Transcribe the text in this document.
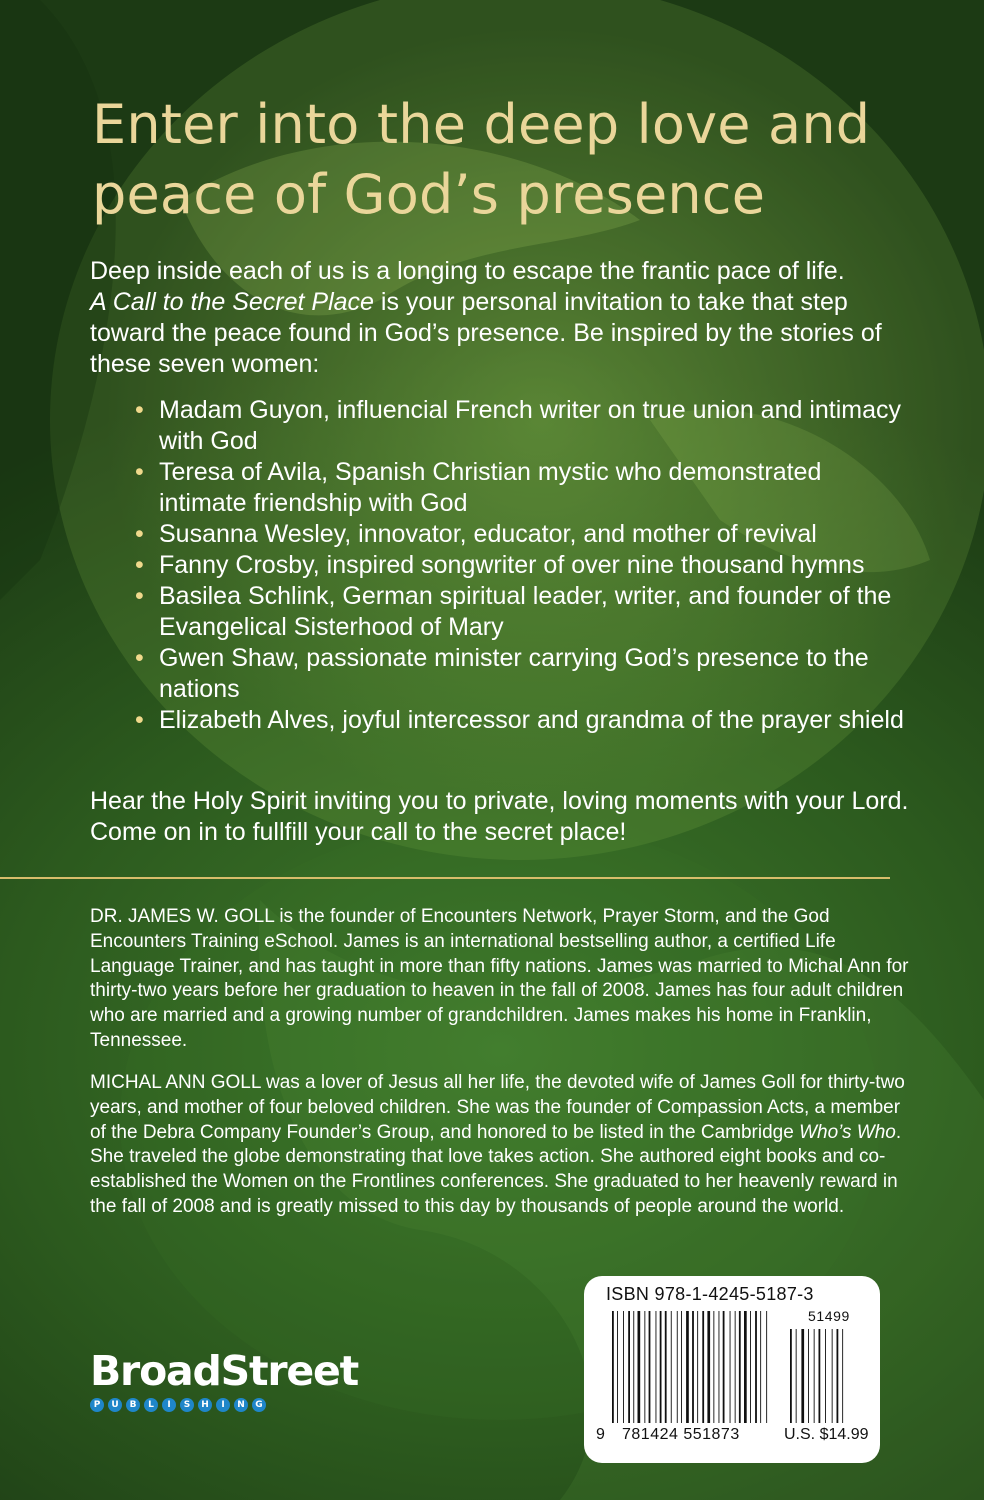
Enter into the deep love and
peace of God’s presence

Deep inside each of us is a longing to escape the frantic pace of life.
A Call to the Secret Place is your personal invitation to take that step toward the peace found in God’s presence. Be inspired by the stories of these seven women:

• Madam Guyon, influencial French writer on true union and intimacy with God
• Teresa of Avila, Spanish Christian mystic who demonstrated intimate friendship with God
• Susanna Wesley, innovator, educator, and mother of revival
• Fanny Crosby, inspired songwriter of over nine thousand hymns
• Basilea Schlink, German spiritual leader, writer, and founder of the Evangelical Sisterhood of Mary
• Gwen Shaw, passionate minister carrying God’s presence to the nations
• Elizabeth Alves, joyful intercessor and grandma of the prayer shield

Hear the Holy Spirit inviting you to private, loving moments with your Lord. Come on in to fullfill your call to the secret place!

DR. JAMES W. GOLL is the founder of Encounters Network, Prayer Storm, and the God Encounters Training eSchool. James is an international bestselling author, a certified Life Language Trainer, and has taught in more than fifty nations. James was married to Michal Ann for thirty-two years before her graduation to heaven in the fall of 2008. James has four adult children who are married and a growing number of grandchildren. James makes his home in Franklin, Tennessee.

MICHAL ANN GOLL was a lover of Jesus all her life, the devoted wife of James Goll for thirty-two years, and mother of four beloved children. She was the founder of Compassion Acts, a member of the Debra Company Founder’s Group, and honored to be listed in the Cambridge Who’s Who. She traveled the globe demonstrating that love takes action. She authored eight books and co-established the Women on the Frontlines conferences. She graduated to her heavenly reward in the fall of 2008 and is greatly missed to this day by thousands of people around the world.

BroadStreet
P	U	B	L	I	S	H	I	N	G
ISBN 978-1-4245-5187-3
9 781424 551873
51499
U.S. $14.99
